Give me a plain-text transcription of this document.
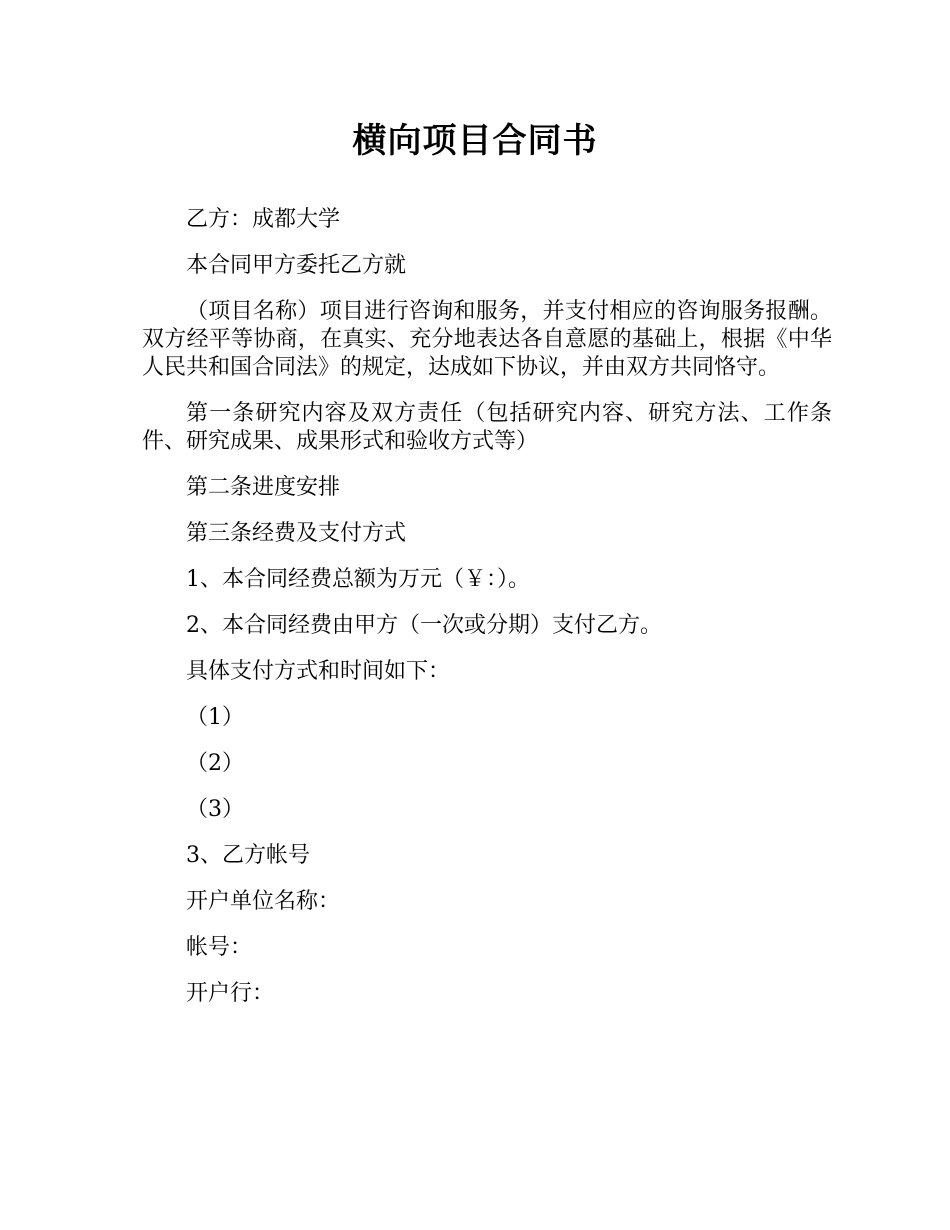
横向项目合同书

乙方：成都大学

本合同甲方委托乙方就

（项目名称）项目进行咨询和服务，并支付相应的咨询服务报酬。双方经平等协商，在真实、充分地表达各自意愿的基础上，根据《中华人民共和国合同法》的规定，达成如下协议，并由双方共同恪守。

第一条研究内容及双方责任（包括研究内容、研究方法、工作条件、研究成果、成果形式和验收方式等）

第二条进度安排

第三条经费及支付方式

1、本合同经费总额为万元（￥：）。

2、本合同经费由甲方（一次或分期）支付乙方。

具体支付方式和时间如下：

（1）

（2）

（3）

3、乙方帐号

开户单位名称：

帐号：

开户行：
